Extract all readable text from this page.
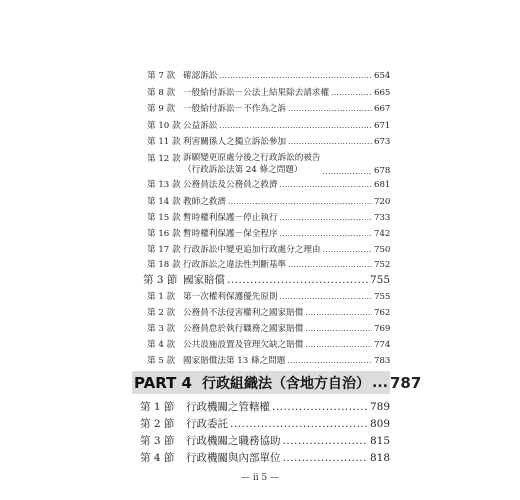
第 7 款 確認訴訟 .....	654
第 8 款 一般給付訴訟－公法上結果除去請求權 .....	665
第 9 款 一般給付訴訟－不作為之訴 .....	667
第 10 款 公益訴訟 .....	671
第 11 款 利害關係人之獨立訴訟參加 .....	673
第 12 款 訴願變更原處分後之行政訴訟的被告
（行政訴訟法第 24 條之問題） .....	678
第 13 款 公務員法及公務員之救濟 .....	681
第 14 款 教師之救濟 .....	720
第 15 款 暫時權利保護－停止執行 .....	733
第 16 款 暫時權利保護－保全程序 .....	742
第 17 款 行政訴訟中變更追加行政處分之理由 .....	750
第 18 款 行政訴訟之違法性判斷基準 .....	752
第 3 節 國家賠償 .....	755
第 1 款 第一次權利保護優先原則 .....	755
第 2 款 公務員不法侵害權利之國家賠償 .....	762
第 3 款 公務員怠於執行職務之國家賠償 .....	769
第 4 款 公共設施設置及管理欠缺之賠償 .....	774
第 5 款 國家賠償法第 13 條之問題 .....	783
PART 4 行政組織法（含地方自治） ... 787
第 1 節	行政機關之管轄權 .....	789
第 2 節	行政委託 .....	809
第 3 節	行政機關之職務協助 .....	815
第 4 節	行政機關與內部單位 .....	818
— ii 5 —
